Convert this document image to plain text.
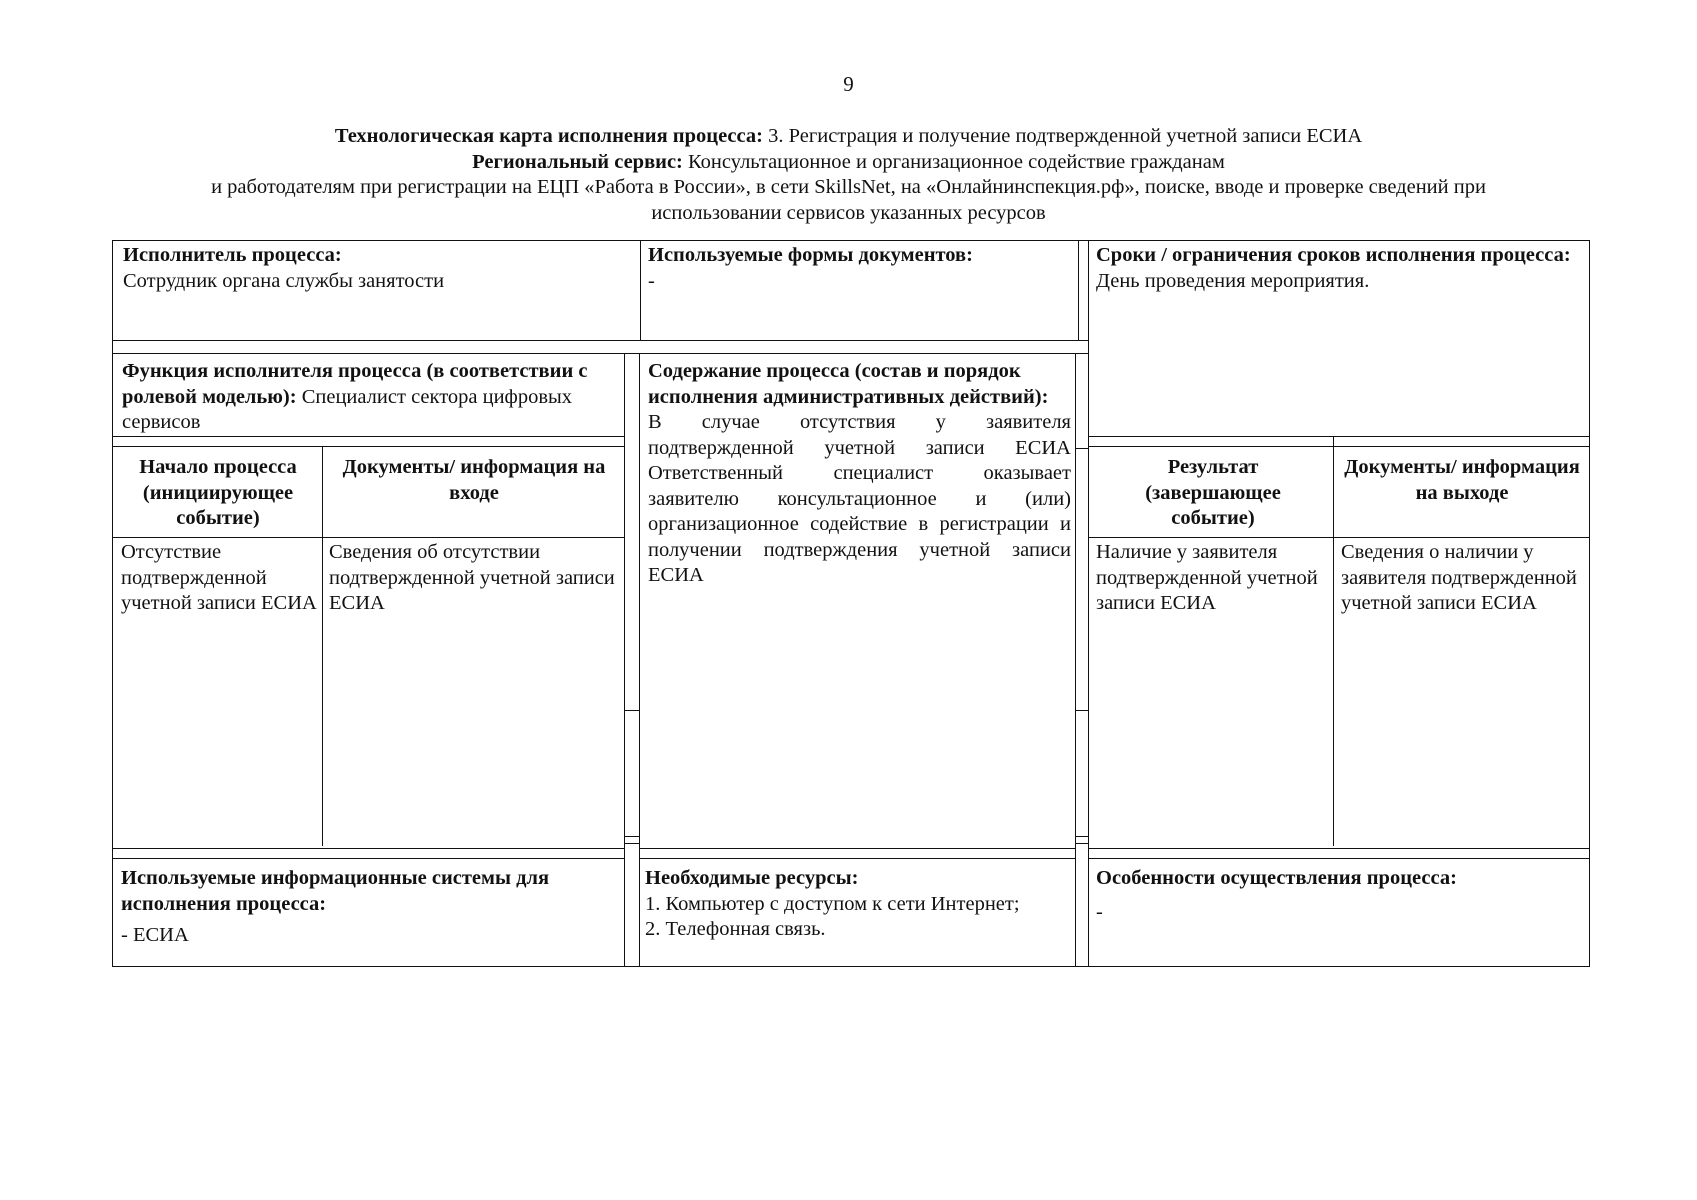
9
Технологическая карта исполнения процесса: 3. Регистрация и получение подтвержденной учетной записи ЕСИА
Региональный сервис: Консультационное и организационное содействие гражданам
и работодателям при регистрации на ЕЦП «Работа в России», в сети SkillsNet, на «Онлайнинспекция.рф», поиске, вводе и проверке сведений при
использовании сервисов указанных ресурсов
Исполнитель процесса:
Сотрудник органа службы занятости
Используемые формы документов:
-
Сроки / ограничения сроков исполнения процесса:
День проведения мероприятия.
Функция исполнителя процесса (в соответствии с ролевой моделью): Специалист сектора цифровых сервисов
Содержание процесса (состав и порядок исполнения административных действий):
В случае отсутствия у заявителя подтвержденной учетной записи ЕСИА Ответственный специалист оказывает заявителю консультационное и (или) организационное содействие в регистрации и получении подтверждения учетной записи ЕСИА
Начало процесса (инициирующее событие)
Отсутствие подтвержденной учетной записи ЕСИА
Документы/ информация на входе
Сведения об отсутствии подтвержденной учетной записи ЕСИА
Результат (завершающее событие)
Наличие у заявителя подтвержденной учетной записи ЕСИА
Документы/ информация на выходе
Сведения о наличии у заявителя подтвержденной учетной записи ЕСИА
Используемые информационные системы для исполнения процесса:
- ЕСИА
Необходимые ресурсы:
1. Компьютер с доступом к сети Интернет;
2. Телефонная связь.
Особенности осуществления процесса:
-
